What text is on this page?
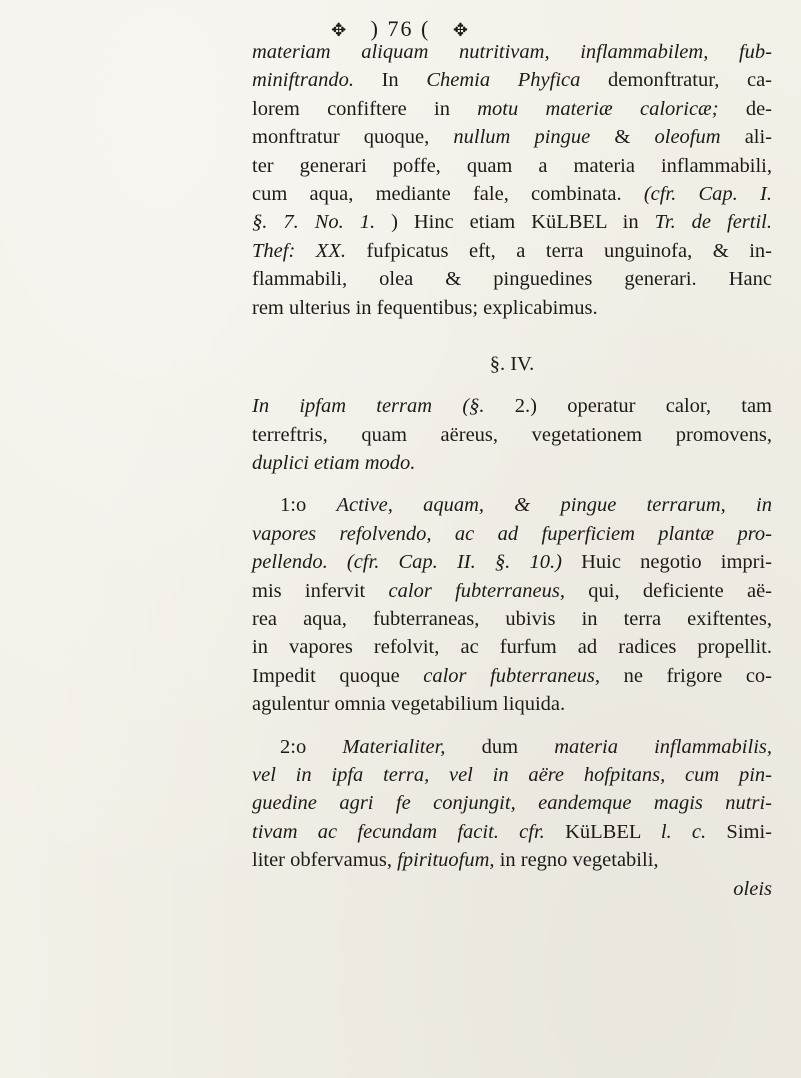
✥ ) 76 ( ✥
materiam aliquam nutritivam, inflammabilem, fub-
miniftrando. In Chemia Phyfica demonftratur, ca-
lorem confiftere in motu materiæ caloricæ; de-
monftratur quoque, nullum pingue & oleofum ali-
ter generari poffe, quam a materia inflammabili,
cum aqua, mediante fale, combinata. (cfr. Cap. I.
§. 7. No. 1. ) Hinc etiam KüLBEL in Tr. de fertil.
Thef: XX. fufpicatus eft, a terra unguinofa, & in-
flammabili, olea & pinguedines generari. Hanc
rem ulterius in fequentibus; explicabimus.
§. IV.
In ipfam terram (§. 2.) operatur calor, tam
terreftris, quam aëreus, vegetationem promovens,
duplici etiam modo.
1:o Active, aquam, & pingue terrarum, in
vapores refolvendo, ac ad fuperficiem plantæ pro-
pellendo. (cfr. Cap. II. §. 10.) Huic negotio impri-
mis infervit calor fubterraneus, qui, deficiente aë-
rea aqua, fubterraneas, ubivis in terra exiftentes,
in vapores refolvit, ac furfum ad radices propellit.
Impedit quoque calor fubterraneus, ne frigore co-
agulentur omnia vegetabilium liquida.
2:o Materialiter, dum materia inflammabilis,
vel in ipfa terra, vel in aëre hofpitans, cum pin-
guedine agri fe conjungit, eandemque magis nutri-
tivam ac fecundam facit. cfr. KüLBEL l. c. Simi-
liter obfervamus, fpirituofum, in regno vegetabili,
oleis
